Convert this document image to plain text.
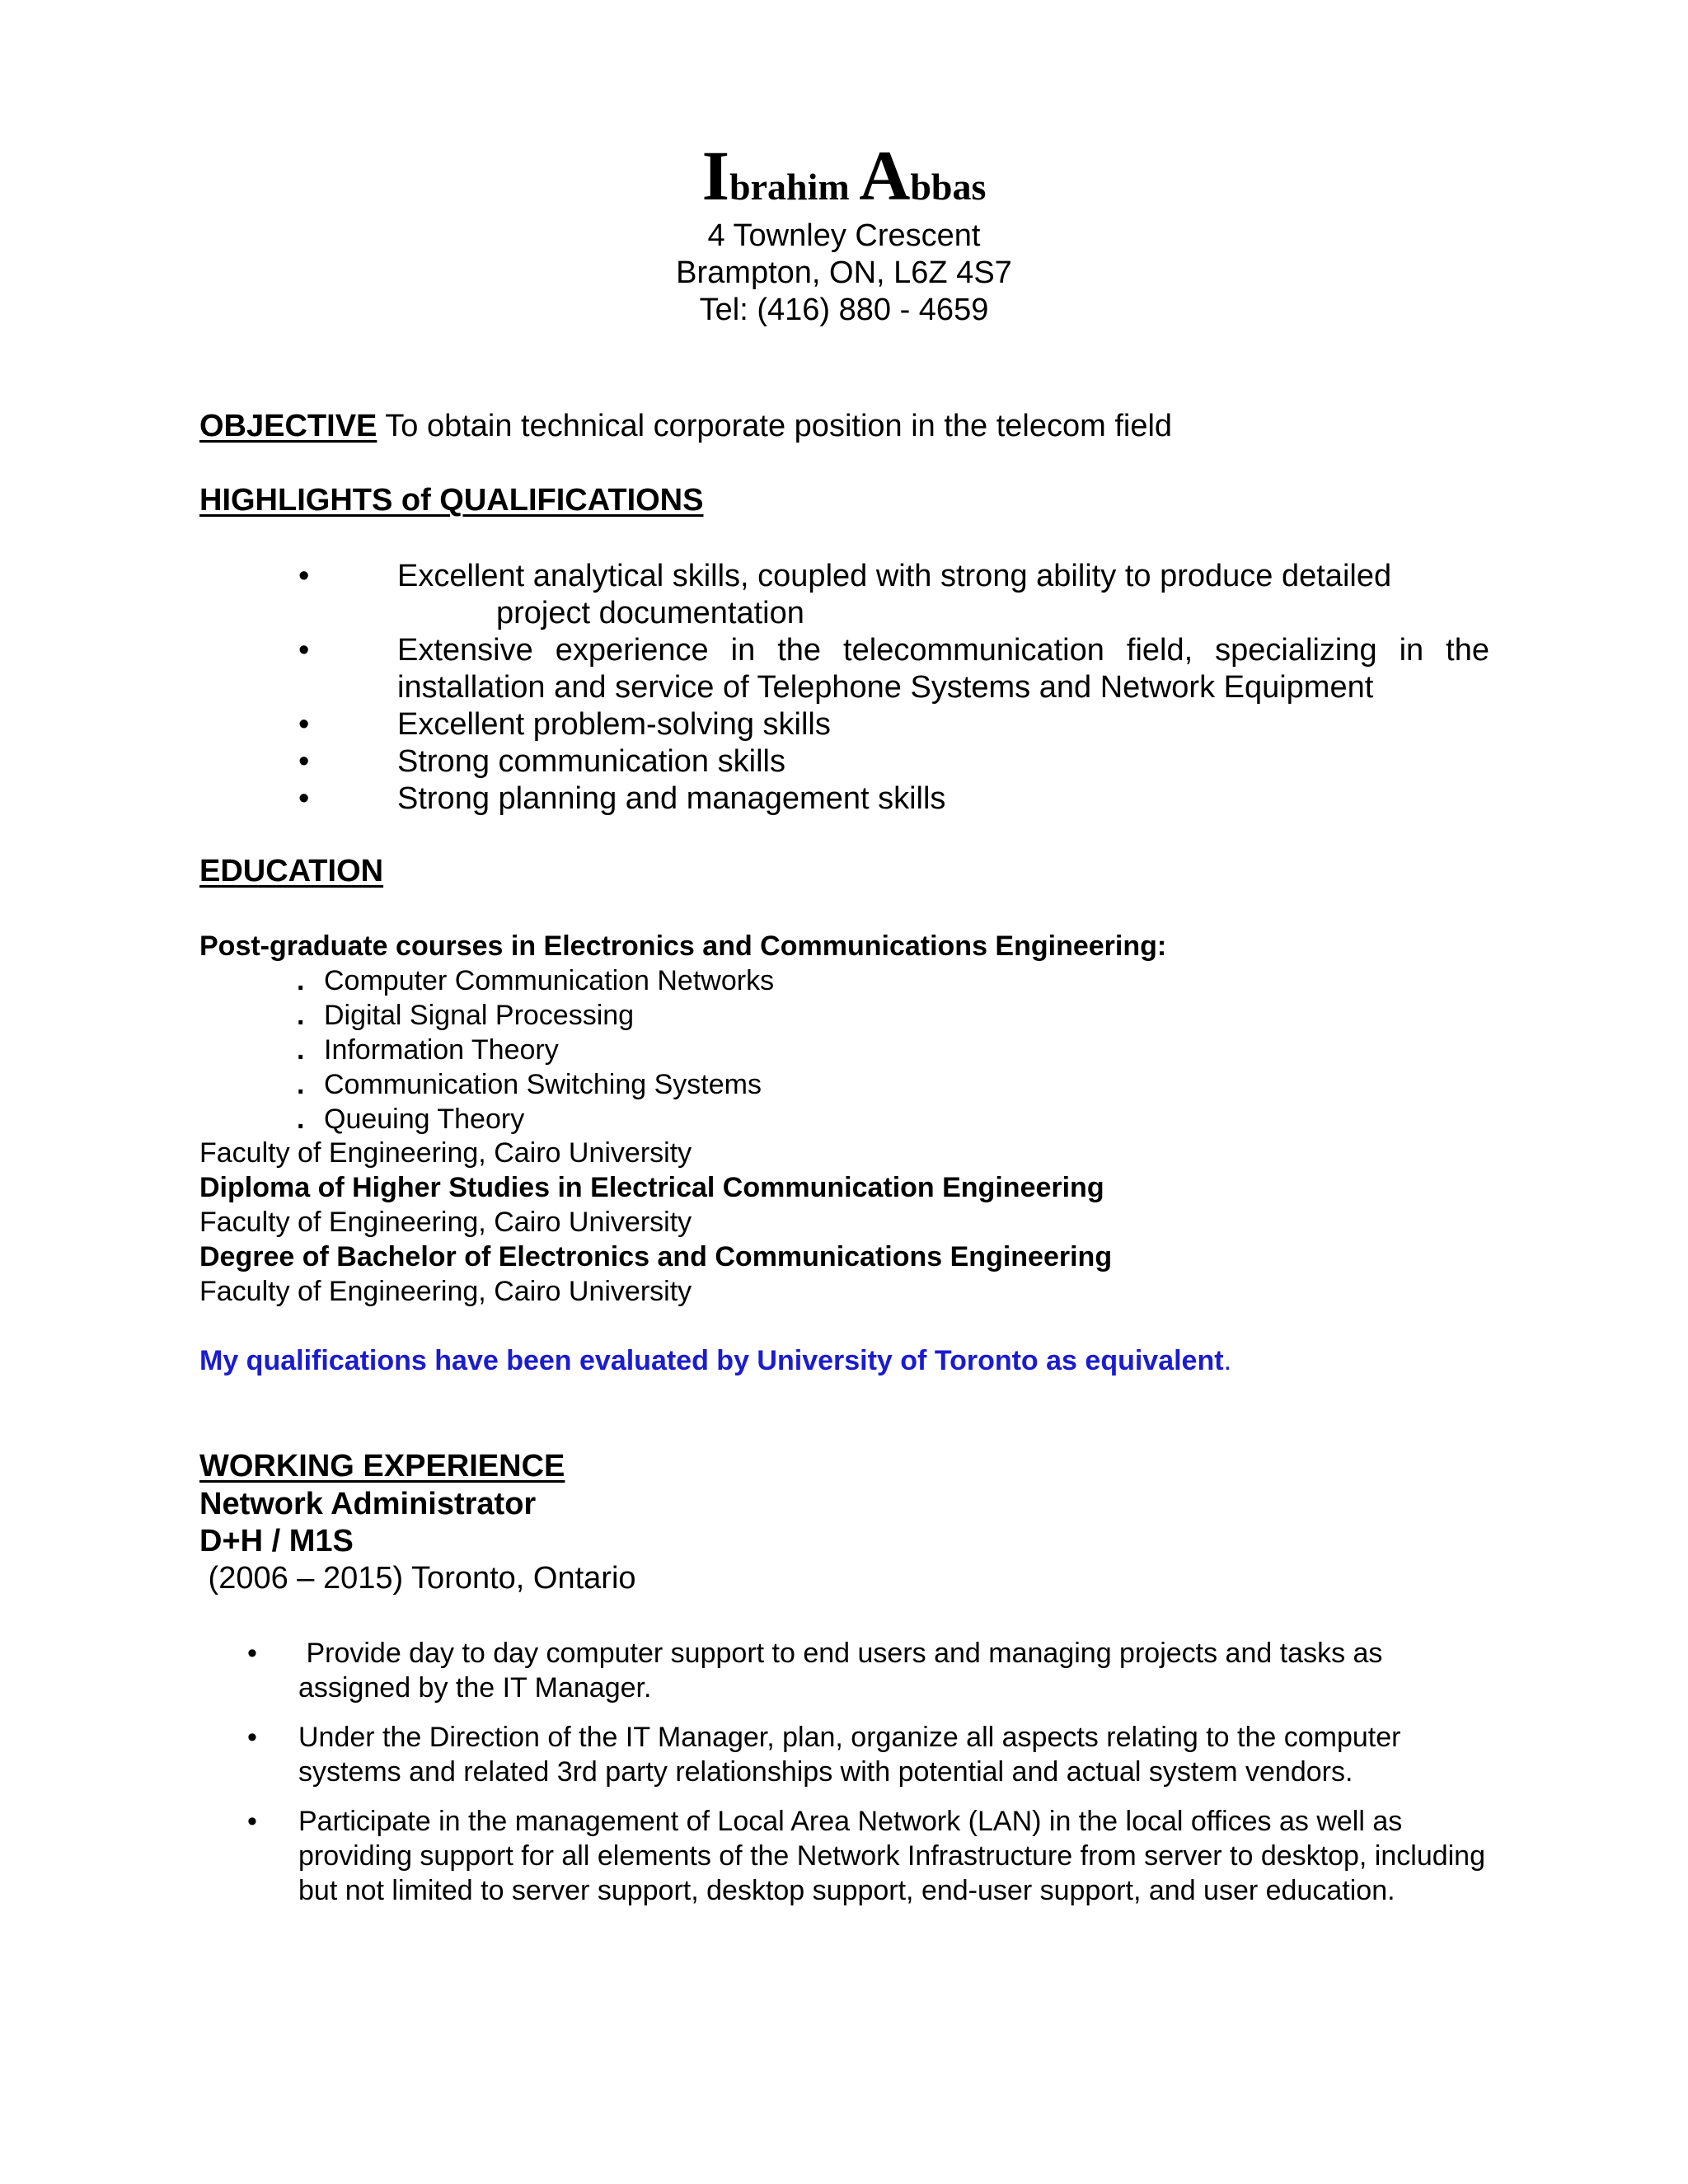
Ibrahim Abbas
4 Townley Crescent
Brampton, ON, L6Z 4S7
Tel: (416) 880 - 4659
OBJECTIVE To obtain technical corporate position in the telecom field
HIGHLIGHTS of QUALIFICATIONS
•	Excellent analytical skills, coupled with strong ability to produce detailed
project documentation
•	Extensive experience in the telecommunication field, specializing in the installation and service of Telephone Systems and Network Equipment
•	Excellent problem-solving skills
•	Strong communication skills
•	Strong planning and management skills
EDUCATION
Post-graduate courses in Electronics and Communications Engineering:
. Computer Communication Networks
. Digital Signal Processing
. Information Theory
. Communication Switching Systems
. Queuing Theory
Faculty of Engineering, Cairo University
Diploma of Higher Studies in Electrical Communication Engineering
Faculty of Engineering, Cairo University
Degree of Bachelor of Electronics and Communications Engineering
Faculty of Engineering, Cairo University
My qualifications have been evaluated by University of Toronto as equivalent.
WORKING EXPERIENCE
Network Administrator
D+H / M1S
(2006 – 2015) Toronto, Ontario
• Provide day to day computer support to end users and managing projects and tasks as assigned by the IT Manager.
• Under the Direction of the IT Manager, plan, organize all aspects relating to the computer systems and related 3rd party relationships with potential and actual system vendors.
• Participate in the management of Local Area Network (LAN) in the local offices as well as providing support for all elements of the Network Infrastructure from server to desktop, including but not limited to server support, desktop support, end-user support, and user education.
